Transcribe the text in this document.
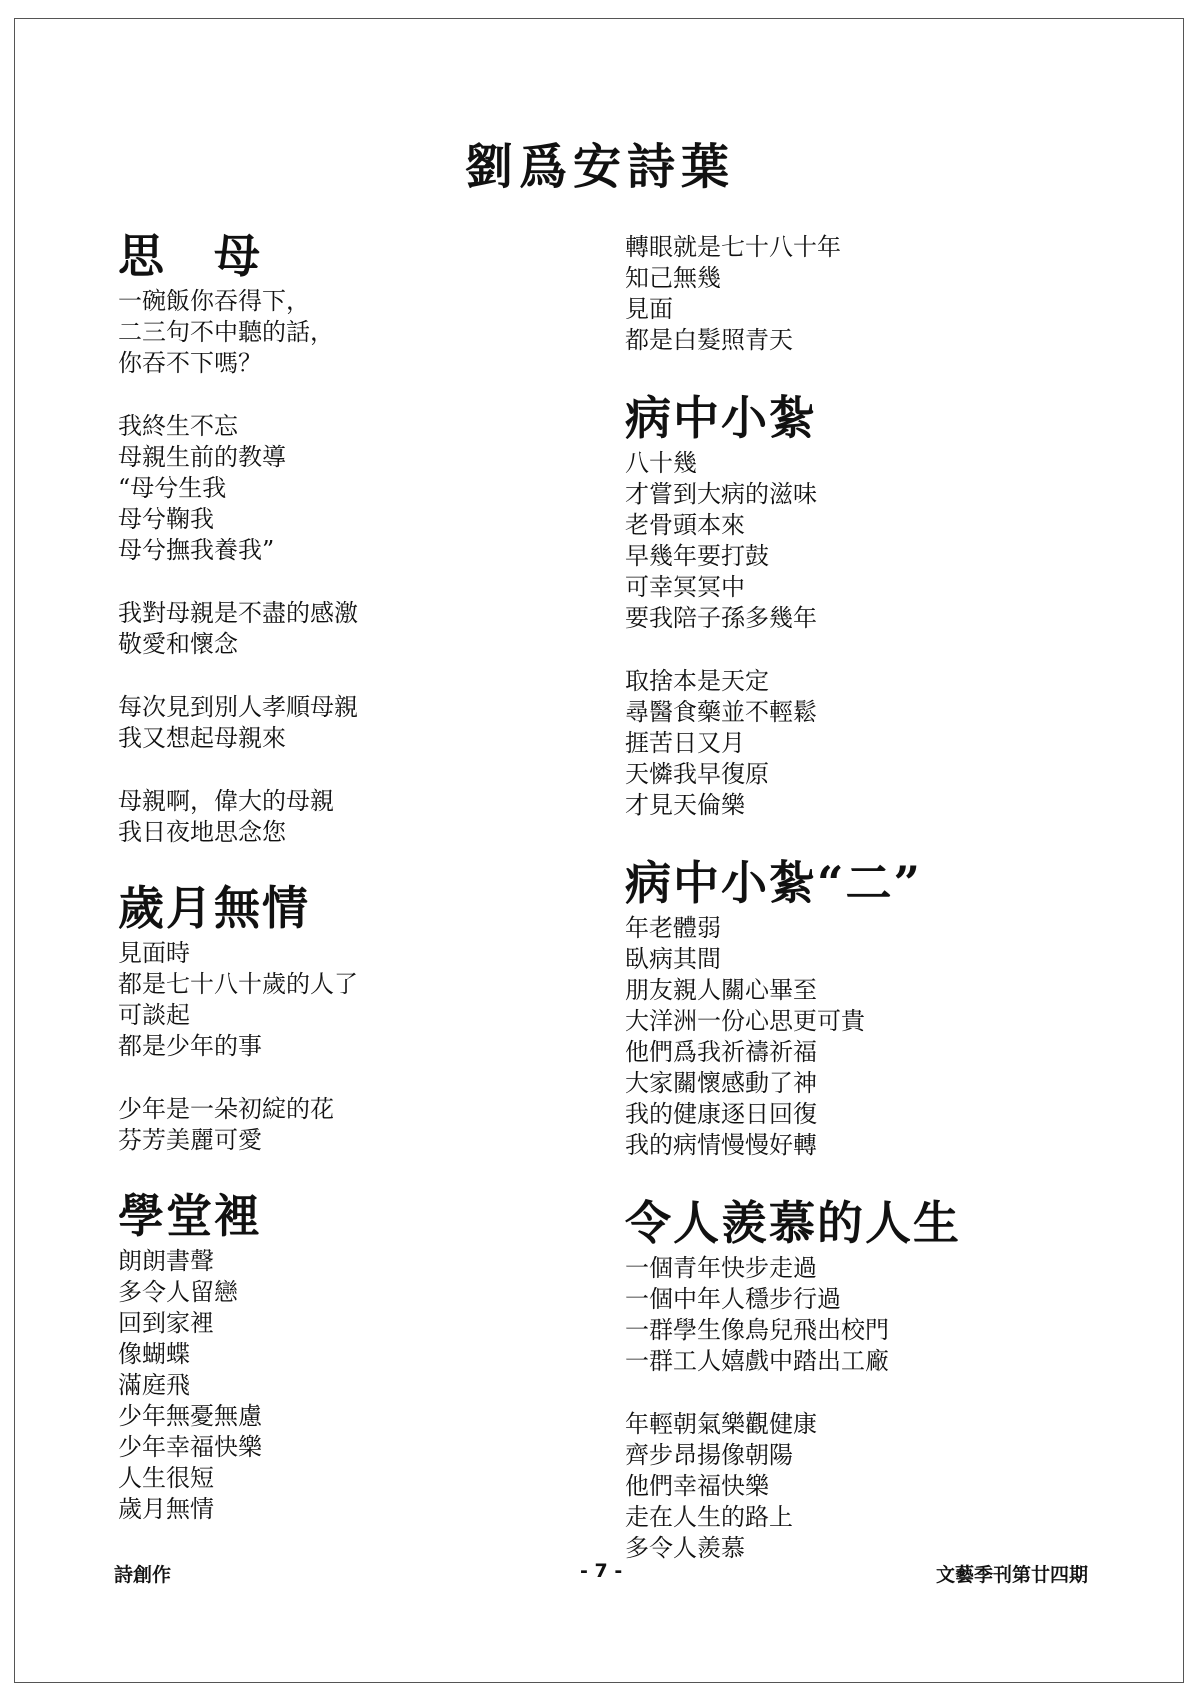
劉爲安詩葉
思　母
一碗飯你吞得下，
二三句不中聽的話，
你吞不下嗎？
我終生不忘
母親生前的教導
“母兮生我
母兮鞠我
母兮撫我養我”
我對母親是不盡的感激
敬愛和懷念
每次見到別人孝順母親
我又想起母親來
母親啊，偉大的母親
我日夜地思念您
歲月無情
見面時
都是七十八十歲的人了
可談起
都是少年的事
少年是一朵初綻的花
芬芳美麗可愛
學堂裡
朗朗書聲
多令人留戀
回到家裡
像蝴蝶
滿庭飛
少年無憂無慮
少年幸福快樂
人生很短
歲月無情
轉眼就是七十八十年
知己無幾
見面
都是白髮照青天
病中小紮
八十幾
才嘗到大病的滋味
老骨頭本來
早幾年要打鼓
可幸冥冥中
要我陪子孫多幾年
取捨本是天定
尋醫食藥並不輕鬆
捱苦日又月
天憐我早復原
才見天倫樂
病中小紮“二”
年老體弱
臥病其間
朋友親人關心畢至
大洋洲一份心思更可貴
他們爲我祈禱祈福
大家關懷感動了神
我的健康逐日回復
我的病情慢慢好轉
令人羨慕的人生
一個青年快步走過
一個中年人穩步行過
一群學生像鳥兒飛出校門
一群工人嬉戲中踏出工廠
年輕朝氣樂觀健康
齊步昂揚像朝陽
他們幸福快樂
走在人生的路上
多令人羨慕
詩創作	- 7 -	文藝季刊第廿四期
